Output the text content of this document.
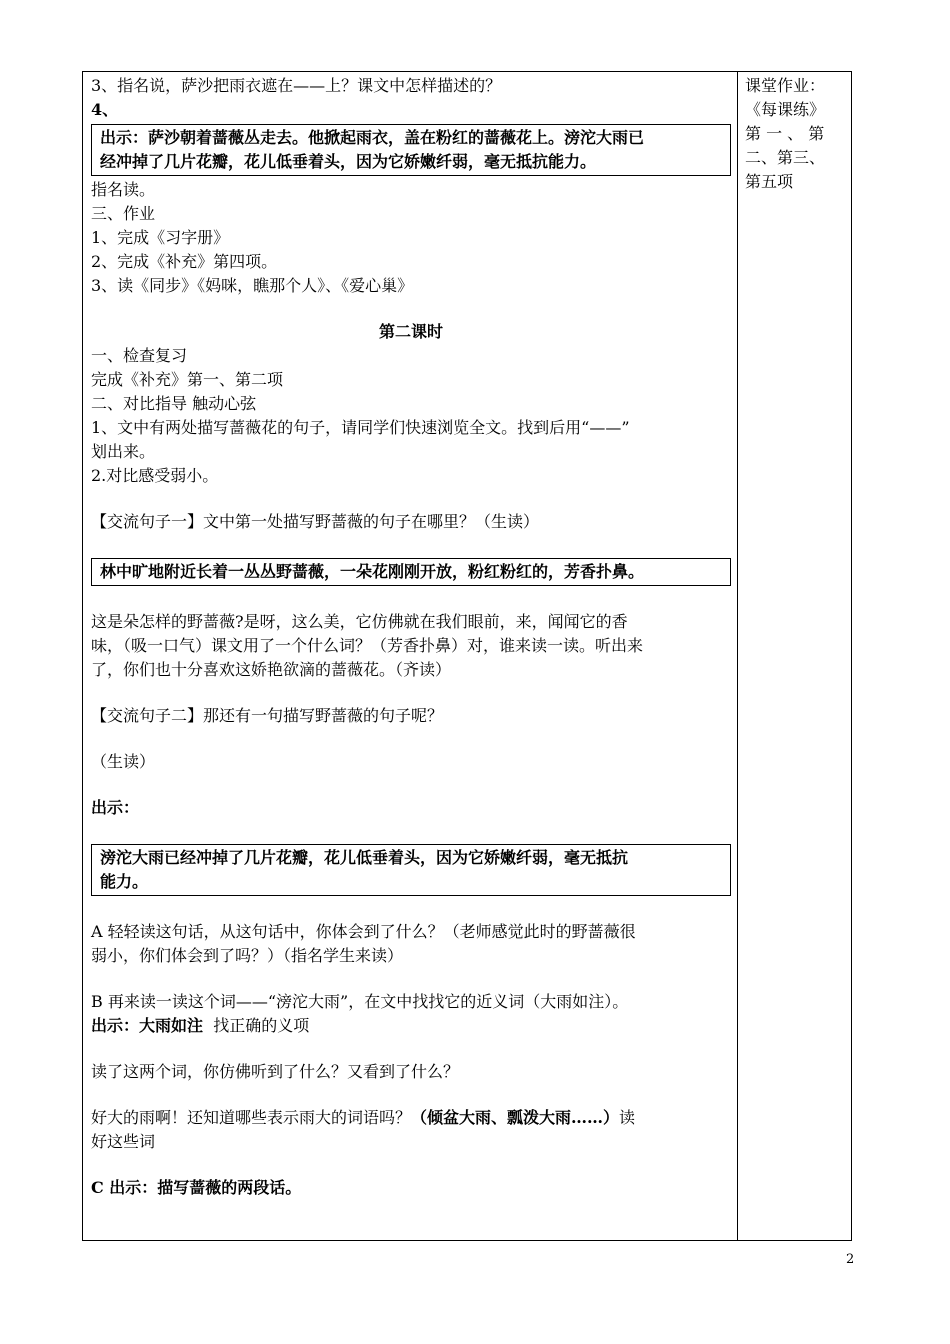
3、指名说，萨沙把雨衣遮在——上？课文中怎样描述的？
4、
出示：萨沙朝着蔷薇丛走去。他掀起雨衣，盖在粉红的蔷薇花上。滂沱大雨已
经冲掉了几片花瓣，花儿低垂着头，因为它娇嫩纤弱，毫无抵抗能力。
指名读。
三、作业
1、完成《习字册》
2、完成《补充》第四项。
3、读《同步》《妈咪，瞧那个人》、《爱心巢》
第二课时
一、检查复习
完成《补充》第一、第二项
二、对比指导 触动心弦
1、文中有两处描写蔷薇花的句子，请同学们快速浏览全文。找到后用“——”
划出来。
2.对比感受弱小。
【交流句子一】文中第一处描写野蔷薇的句子在哪里？（生读）
林中旷地附近长着一丛丛野蔷薇，一朵花刚刚开放，粉红粉红的，芳香扑鼻。
这是朵怎样的野蔷薇?是呀，这么美，它仿佛就在我们眼前，来，闻闻它的香
味，（吸一口气）课文用了一个什么词？（芳香扑鼻）对，谁来读一读。听出来
了，你们也十分喜欢这娇艳欲滴的蔷薇花。（齐读）
【交流句子二】那还有一句描写野蔷薇的句子呢？
（生读）
出示：
滂沱大雨已经冲掉了几片花瓣，花儿低垂着头，因为它娇嫩纤弱，毫无抵抗
能力。
A 轻轻读这句话，从这句话中，你体会到了什么？（老师感觉此时的野蔷薇很
弱小，你们体会到了吗？）（指名学生来读）
B 再来读一读这个词——“滂沱大雨”，在文中找找它的近义词（大雨如注）。
出示：大雨如注  找正确的义项
读了这两个词，你仿佛听到了什么？又看到了什么？
好大的雨啊！还知道哪些表示雨大的词语吗？（倾盆大雨、瓢泼大雨……）读
好这些词
C 出示：描写蔷薇的两段话。
课堂作业：
《每课练》
第 一 、 第
二、第三、
第五项
2
